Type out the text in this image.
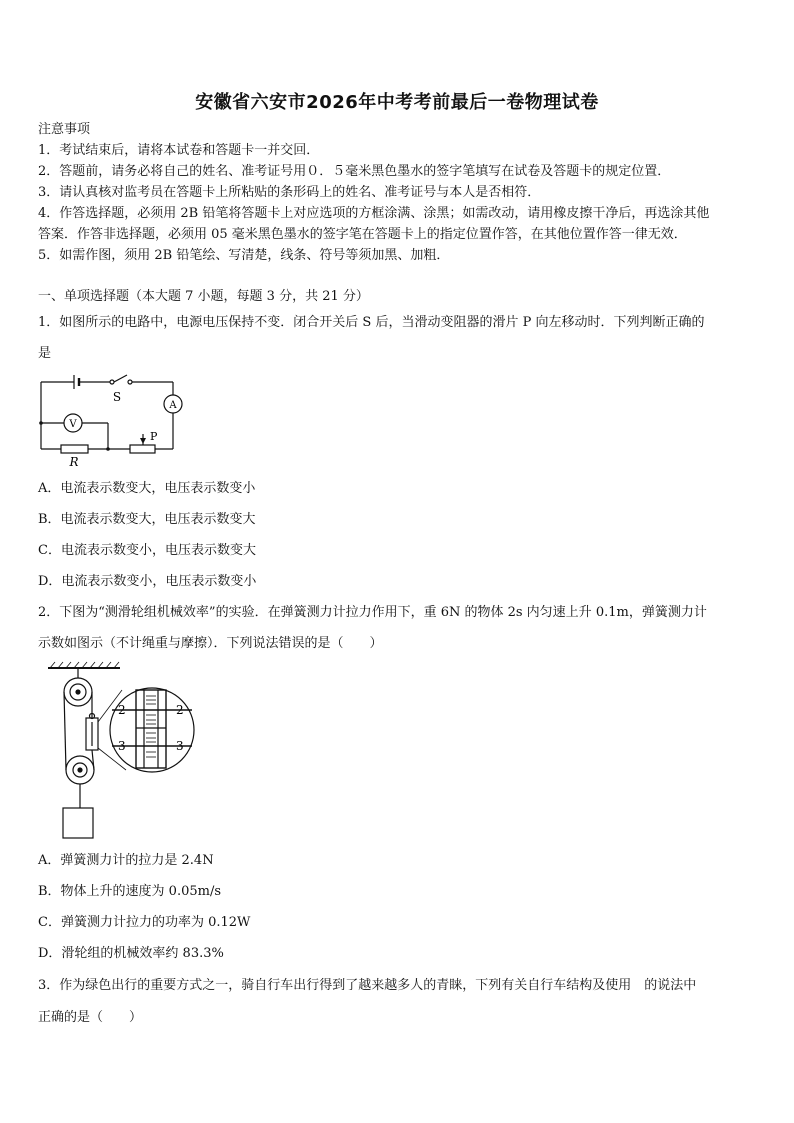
安徽省六安市2026年中考考前最后一卷物理试卷
注意事项
1．考试结束后，请将本试卷和答题卡一并交回．
2．答题前，请务必将自己的姓名、准考证号用０．５毫米黑色墨水的签字笔填写在试卷及答题卡的规定位置．
3．请认真核对监考员在答题卡上所粘贴的条形码上的姓名、准考证号与本人是否相符．
4．作答选择题，必须用 2B 铅笔将答题卡上对应选项的方框涂满、涂黑；如需改动，请用橡皮擦干净后，再选涂其他
答案．作答非选择题，必须用 05 毫米黑色墨水的签字笔在答题卡上的指定位置作答，在其他位置作答一律无效．
5．如需作图，须用 2B 铅笔绘、写清楚，线条、符号等须加黑、加粗．
一、单项选择题（本大题 7 小题，每题 3 分，共 21 分）
1．如图所示的电路中，电源电压保持不变．闭合开关后 S 后，当滑动变阻器的滑片 P 向左移动时．下列判断正确的
是
S
A
V
P
R
A．电流表示数变大，电压表示数变小
B．电流表示数变大，电压表示数变大
C．电流表示数变小，电压表示数变大
D．电流表示数变小，电压表示数变小
2．下图为“测滑轮组机械效率”的实验．在弹簧测力计拉力作用下，重 6N 的物体 2s 内匀速上升 0.1m，弹簧测力计
示数如图示（不计绳重与摩擦）．下列说法错误的是（　　）
2	2
3	3
A．弹簧测力计的拉力是 2.4N
B．物体上升的速度为 0.05m/s
C．弹簧测力计拉力的功率为 0.12W
D．滑轮组的机械效率约 83.3%
3．作为绿色出行的重要方式之一，骑自行车出行得到了越来越多人的青睐，下列有关自行车结构及使用　的说法中
正确的是（　　）
